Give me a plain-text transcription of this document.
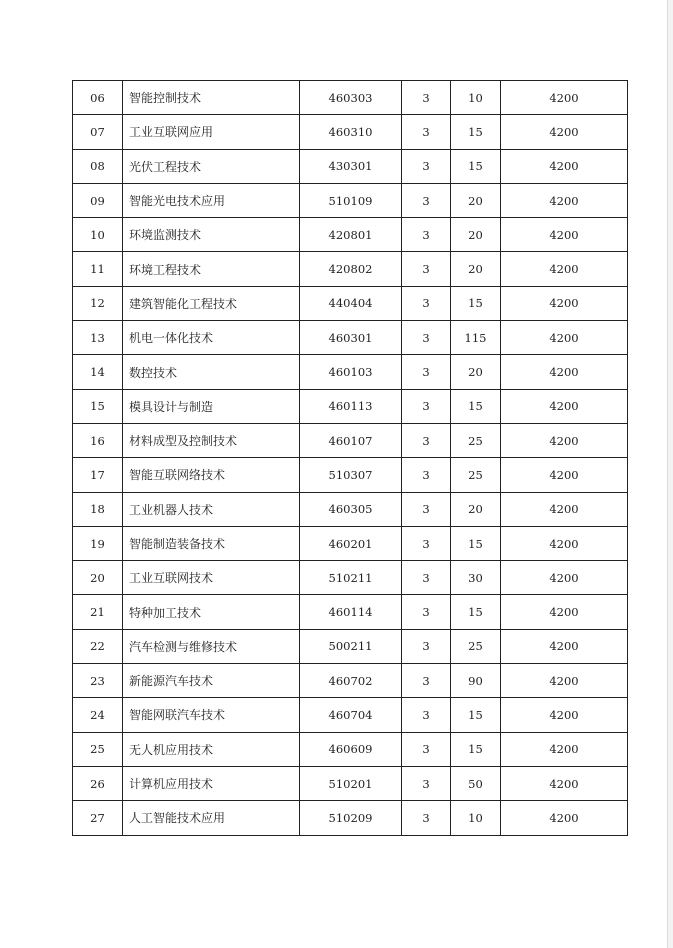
06	智能控制技术	460303	3	10	4200
07	工业互联网应用	460310	3	15	4200
08	光伏工程技术	430301	3	15	4200
09	智能光电技术应用	510109	3	20	4200
10	环境监测技术	420801	3	20	4200
11	环境工程技术	420802	3	20	4200
12	建筑智能化工程技术	440404	3	15	4200
13	机电一体化技术	460301	3	115	4200
14	数控技术	460103	3	20	4200
15	模具设计与制造	460113	3	15	4200
16	材料成型及控制技术	460107	3	25	4200
17	智能互联网络技术	510307	3	25	4200
18	工业机器人技术	460305	3	20	4200
19	智能制造装备技术	460201	3	15	4200
20	工业互联网技术	510211	3	30	4200
21	特种加工技术	460114	3	15	4200
22	汽车检测与维修技术	500211	3	25	4200
23	新能源汽车技术	460702	3	90	4200
24	智能网联汽车技术	460704	3	15	4200
25	无人机应用技术	460609	3	15	4200
26	计算机应用技术	510201	3	50	4200
27	人工智能技术应用	510209	3	10	4200
